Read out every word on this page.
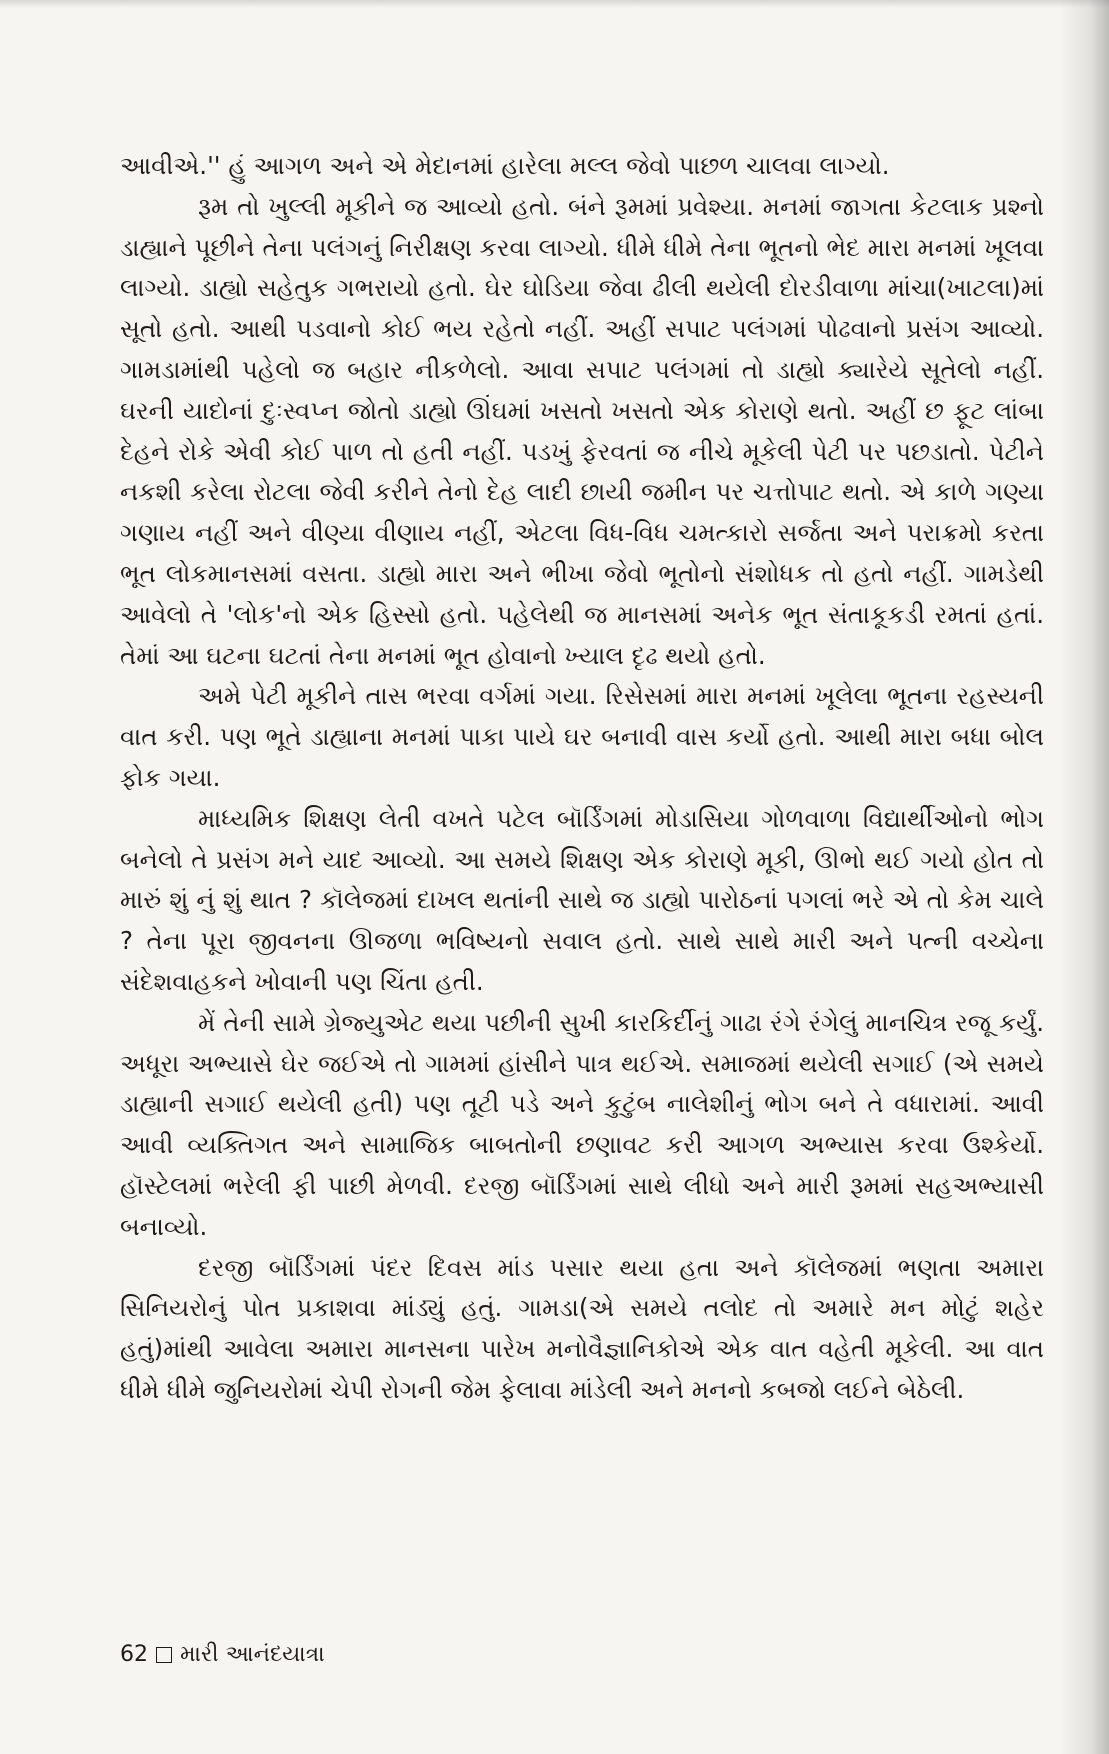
આવીએ.'' હું આગળ અને એ મેદાનમાં હારેલા મલ્લ જેવો પાછળ ચાલવા લાગ્યો.

રૂમ તો ખુલ્લી મૂકીને જ આવ્યો હતો. બંને રૂમમાં પ્રવેશ્યા. મનમાં જાગતા કેટલાક પ્રશ્નો ડાહ્યાને પૂછીને તેના પલંગનું નિરીક્ષણ કરવા લાગ્યો. ધીમે ધીમે તેના ભૂતનો ભેદ મારા મનમાં ખૂલવા લાગ્યો. ડાહ્યો સહેતુક ગભરાયો હતો. ઘેર ઘોડિયા જેવા ઢીલી થયેલી દોરડીવાળા માંચા(ખાટલા)માં સૂતો હતો. આથી પડવાનો કોઈ ભય રહેતો નહીં. અહીં સપાટ પલંગમાં પોઢવાનો પ્રસંગ આવ્યો. ગામડામાંથી પહેલો જ બહાર નીકળેલો. આવા સપાટ પલંગમાં તો ડાહ્યો ક્યારેયે સૂતેલો નહીં. ઘરની યાદોનાં દુઃસ્વપ્ન જોતો ડાહ્યો ઊંઘમાં ખસતો ખસતો એક કોરાણે થતો. અહીં છ ફૂટ લાંબા દેહને રોકે એવી કોઈ પાળ તો હતી નહીં. પડખું ફેરવતાં જ નીચે મૂકેલી પેટી પર પછડાતો. પેટીને નકશી કરેલા રોટલા જેવી કરીને તેનો દેહ લાદી છાયી જમીન પર ચત્તોપાટ થતો. એ કાળે ગણ્યા ગણાય નહીં અને વીણ્યા વીણાય નહીં, એટલા વિધ-વિધ ચમત્કારો સર્જતા અને પરાક્રમો કરતા ભૂત લોકમાનસમાં વસતા. ડાહ્યો મારા અને ભીખા જેવો ભૂતોનો સંશોધક તો હતો નહીં. ગામડેથી આવેલો તે 'લોક'નો એક હિસ્સો હતો. પહેલેથી જ માનસમાં અનેક ભૂત સંતાકૂકડી રમતાં હતાં. તેમાં આ ઘટના ઘટતાં તેના મનમાં ભૂત હોવાનો ખ્યાલ દૃઢ થયો હતો.

અમે પેટી મૂકીને તાસ ભરવા વર્ગમાં ગયા. રિસેસમાં મારા મનમાં ખૂલેલા ભૂતના રહસ્યની વાત કરી. પણ ભૂતે ડાહ્યાના મનમાં પાકા પાયે ઘર બનાવી વાસ કર્યો હતો. આથી મારા બધા બોલ ફોક ગયા.

માધ્યમિક શિક્ષણ લેતી વખતે પટેલ બૉર્ડિંગમાં મોડાસિયા ગોળવાળા વિદ્યાર્થીઓનો ભોગ બનેલો તે પ્રસંગ મને યાદ આવ્યો. આ સમયે શિક્ષણ એક કોરાણે મૂકી, ઊભો થઈ ગયો હોત તો મારું શું નું શું થાત ? કૉલેજમાં દાખલ થતાંની સાથે જ ડાહ્યો પારોઠનાં પગલાં ભરે એ તો કેમ ચાલે ? તેના પૂરા જીવનના ઊજળા ભવિષ્યનો સવાલ હતો. સાથે સાથે મારી અને પત્ની વચ્ચેના સંદેશવાહકને ખોવાની પણ ચિંતા હતી.

મેં તેની સામે ગ્રેજ્યુએટ થયા પછીની સુખી કારકિર્દીનું ગાઢા રંગે રંગેલું માનચિત્ર રજૂ કર્યું. અધૂરા અભ્યાસે ઘેર જઈએ તો ગામમાં હાંસીને પાત્ર થઈએ. સમાજમાં થયેલી સગાઈ (એ સમયે ડાહ્યાની સગાઈ થયેલી હતી) પણ તૂટી પડે અને કુટુંબ નાલેશીનું ભોગ બને તે વધારામાં. આવી આવી વ્યક્તિગત અને સામાજિક બાબતોની છણાવટ કરી આગળ અભ્યાસ કરવા ઉશ્કેર્યો. હૉસ્ટેલમાં ભરેલી ફી પાછી મેળવી. દરજી બૉર્ડિંગમાં સાથે લીધો અને મારી રૂમમાં સહઅભ્યાસી બનાવ્યો.

દરજી બૉર્ડિંગમાં પંદર દિવસ માંડ પસાર થયા હતા અને કૉલેજમાં ભણતા અમારા સિનિયરોનું પોત પ્રકાશવા માંડ્યું હતું. ગામડા(એ સમયે તલોદ તો અમારે મન મોટું શહેર હતું)માંથી આવેલા અમારા માનસના પારેખ મનોવૈજ્ઞાનિકોએ એક વાત વહેતી મૂકેલી. આ વાત ધીમે ધીમે જુનિયરોમાં ચેપી રોગની જેમ ફેલાવા માંડેલી અને મનનો કબજો લઈને બેઠેલી.

62 મારી આનંદયાત્રા
